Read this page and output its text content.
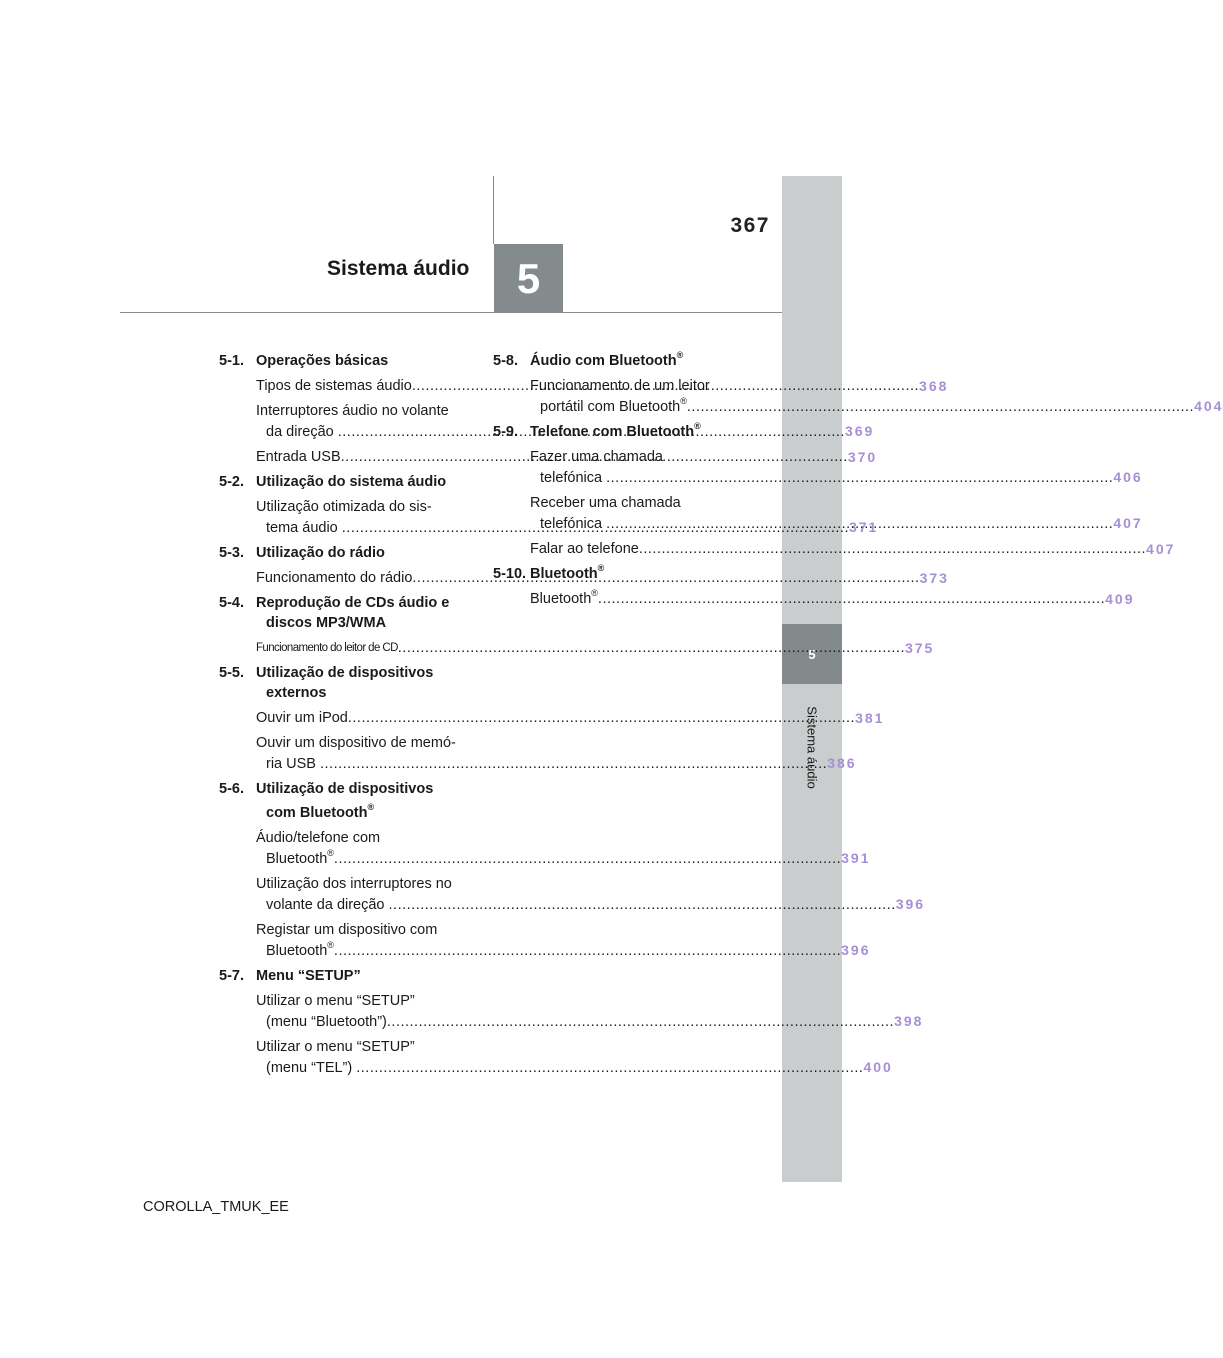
367
5
Sistema áudio
5
Sistema áudio
5-1. Operações básicas
Tipos de sistemas áudio .....	368
Interruptores áudio no volante
da direção .....	369
Entrada USB .....	370
5-2. Utilização do sistema áudio
Utilização otimizada do sis-
tema áudio .....	371
5-3. Utilização do rádio
Funcionamento do rádio .....	373
5-4. Reprodução de CDs áudio e
discos MP3/WMA
Funcionamento do leitor de CD .....	375
5-5. Utilização de dispositivos
externos
Ouvir um iPod .....	381
Ouvir um dispositivo de memó-
ria USB .....	386
5-6. Utilização de dispositivos
com Bluetooth®
Áudio/telefone com
Bluetooth® .....	391
Utilização dos interruptores no
volante da direção .....	396
Registar um dispositivo com
Bluetooth® .....	396
5-7. Menu “SETUP”
Utilizar o menu “SETUP”
(menu “Bluetooth”) .....	398
Utilizar o menu “SETUP”
(menu “TEL”) .....	400
5-8. Áudio com Bluetooth®
Funcionamento de um leitor
portátil com Bluetooth® .....	404
5-9. Telefone com Bluetooth®
Fazer uma chamada
telefónica .....	406
Receber uma chamada
telefónica .....	407
Falar ao telefone .....	407
5-10. Bluetooth®
Bluetooth® .....	409
COROLLA_TMUK_EE
